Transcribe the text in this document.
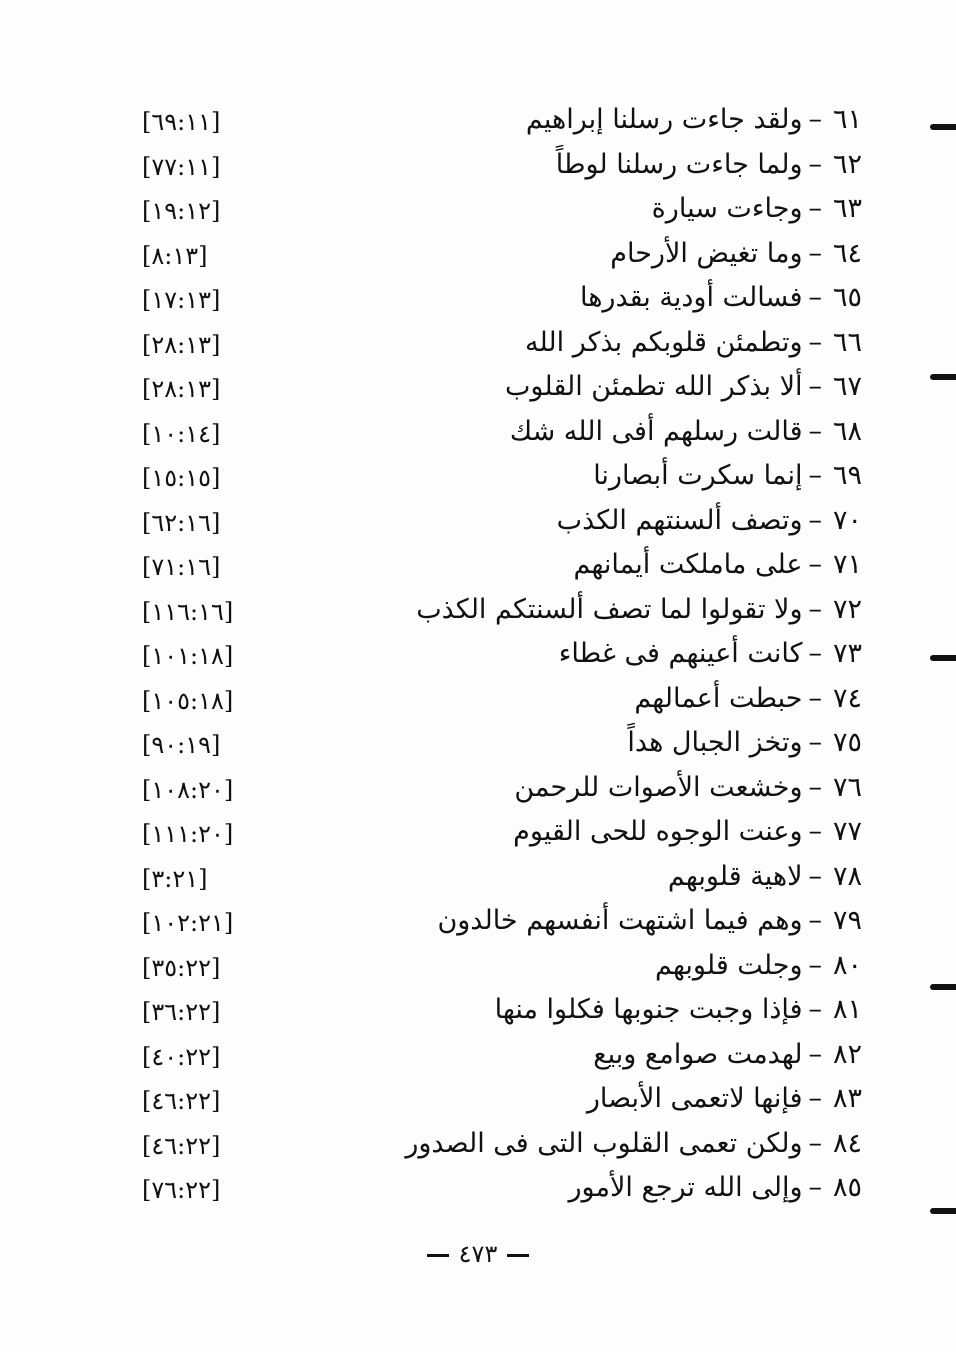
[٦٩:١١]	٦١–ولقد جاءت رسلنا إبراهيم
[٧٧:١١]	٦٢–ولما جاءت رسلنا لوطاً
[١٩:١٢]	٦٣–وجاءت سيارة
[٨:١٣]	٦٤–وما تغيض الأرحام
[١٧:١٣]	٦٥–فسالت أودية بقدرها
[٢٨:١٣]	٦٦–وتطمئن قلوبكم بذكر الله
[٢٨:١٣]	٦٧–ألا بذكر الله تطمئن القلوب
[١٠:١٤]	٦٨–قالت رسلهم أفى الله شك
[١٥:١٥]	٦٩–إنما سكرت أبصارنا
[٦٢:١٦]	٧٠–وتصف ألسنتهم الكذب
[٧١:١٦]	٧١–على ماملكت أيمانهم
[١١٦:١٦]	٧٢–ولا تقولوا لما تصف ألسنتكم الكذب
[١٠١:١٨]	٧٣–كانت أعينهم فى غطاء
[١٠٥:١٨]	٧٤–حبطت أعمالهم
[٩٠:١٩]	٧٥–وتخز الجبال هداً
[١٠٨:٢٠]	٧٦–وخشعت الأصوات للرحمن
[١١١:٢٠]	٧٧–وعنت الوجوه للحى القيوم
[٣:٢١]	٧٨–لاهية قلوبهم
[١٠٢:٢١]	٧٩–وهم فيما اشتهت أنفسهم خالدون
[٣٥:٢٢]	٨٠–وجلت قلوبهم
[٣٦:٢٢]	٨١–فإذا وجبت جنوبها فكلوا منها
[٤٠:٢٢]	٨٢–لهدمت صوامع وبيع
[٤٦:٢٢]	٨٣–فإنها لاتعمى الأبصار
[٤٦:٢٢]	٨٤–ولكن تعمى القلوب التى فى الصدور
[٧٦:٢٢]	٨٥–وإلى الله ترجع الأمور
٤٧٣
